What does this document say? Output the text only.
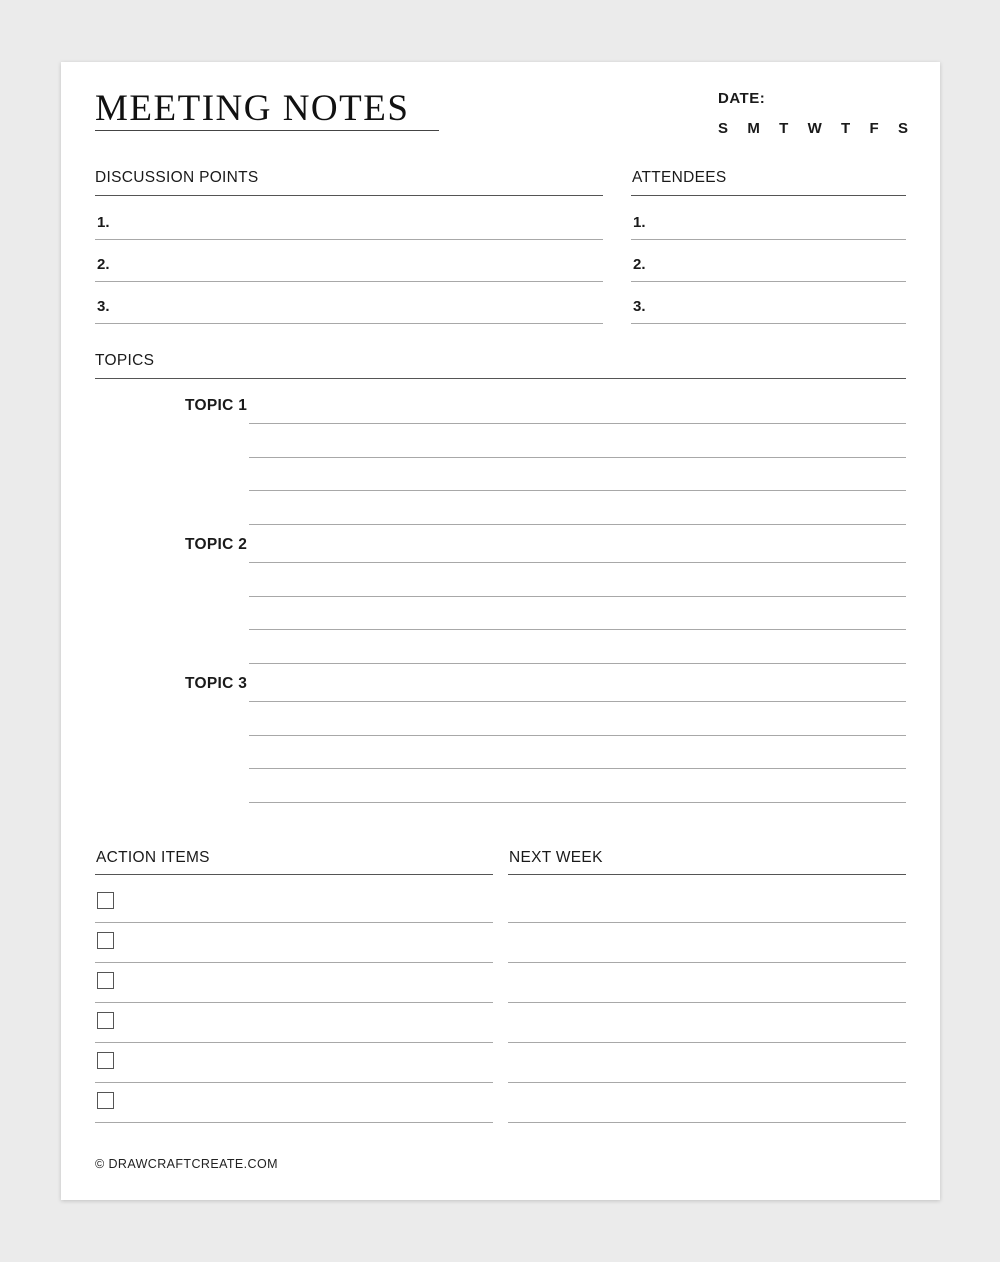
MEETING NOTES	DATE:
S M T W T F S
DISCUSSION POINTS
1.
2.
3.
ATTENDEES
1.
2.
3.
TOPICS
TOPIC 1
TOPIC 2
TOPIC 3
ACTION ITEMS	NEXT WEEK
© DRAWCRAFTCREATE.COM
